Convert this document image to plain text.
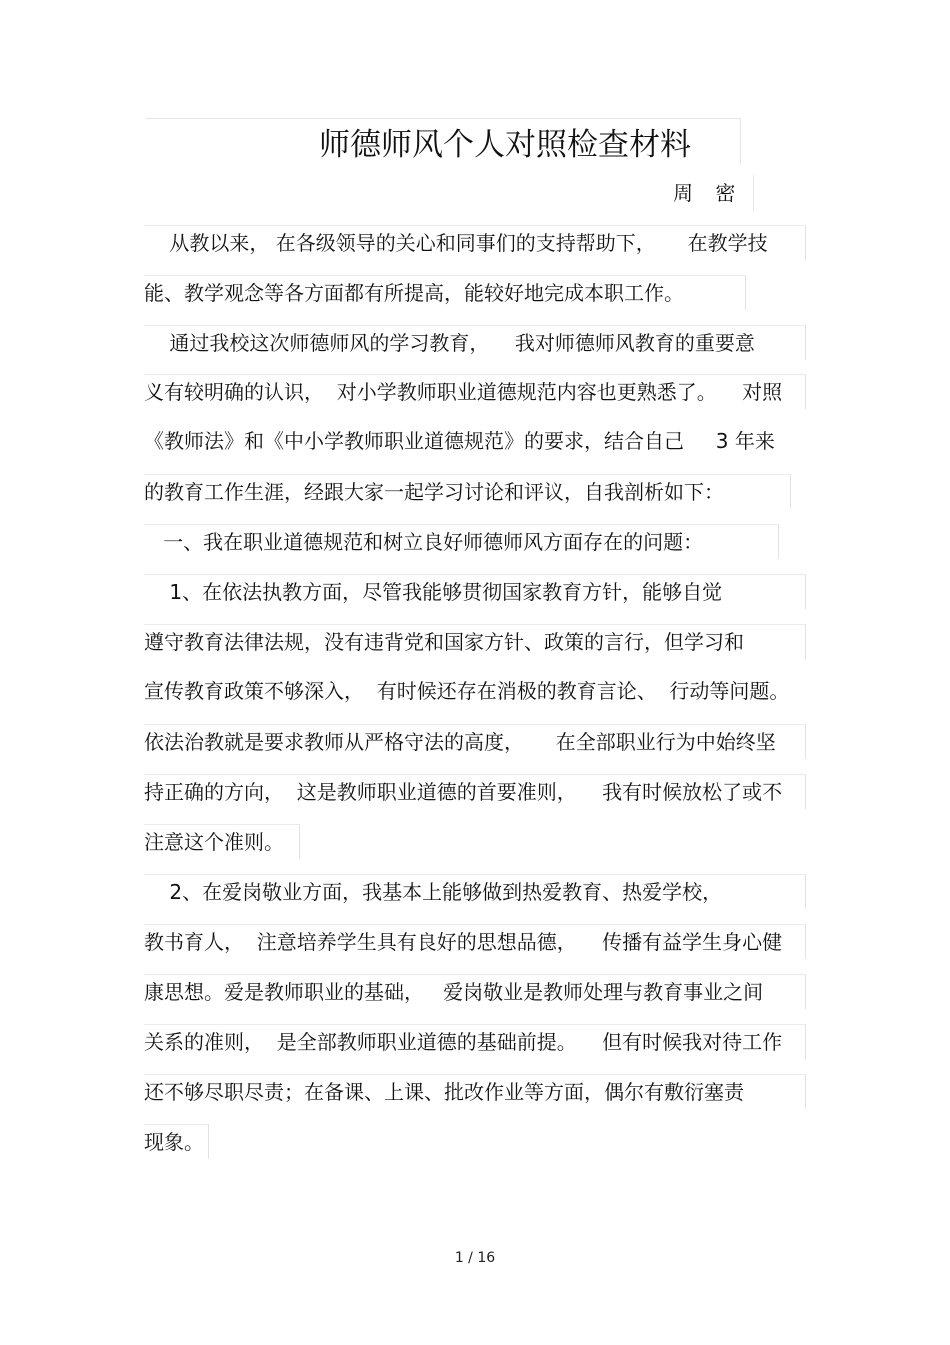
师德师风个人对照检查材料
周 密
从教以来， 在各级领导的关心和同事们的支持帮助下，     在教学技
能、教学观念等各方面都有所提高，能较好地完成本职工作。
通过我校这次师德师风的学习教育，    我对师德师风教育的重要意
义有较明确的认识，  对小学教师职业道德规范内容也更熟悉了。    对照
《教师法》和《中小学教师职业道德规范》的要求，结合自己     3 年来
的教育工作生涯，经跟大家一起学习讨论和评议，自我剖析如下：
一、我在职业道德规范和树立良好师德师风方面存在的问题：
1、在依法执教方面，尽管我能够贯彻国家教育方针，能够自觉
遵守教育法律法规，没有违背党和国家方针、政策的言行，但学习和
宣传教育政策不够深入，  有时候还存在消极的教育言论、  行动等问题。
依法治教就是要求教师从严格守法的高度，     在全部职业行为中始终坚
持正确的方向，  这是教师职业道德的首要准则，    我有时候放松了或不
注意这个准则。
2、在爱岗敬业方面，我基本上能够做到热爱教育、热爱学校，
教书育人，  注意培养学生具有良好的思想品德，    传播有益学生身心健
康思想。爱是教师职业的基础，   爱岗敬业是教师处理与教育事业之间
关系的准则，  是全部教师职业道德的基础前提。    但有时候我对待工作
还不够尽职尽责；在备课、上课、批改作业等方面，偶尔有敷衍塞责
现象。
1 / 16
